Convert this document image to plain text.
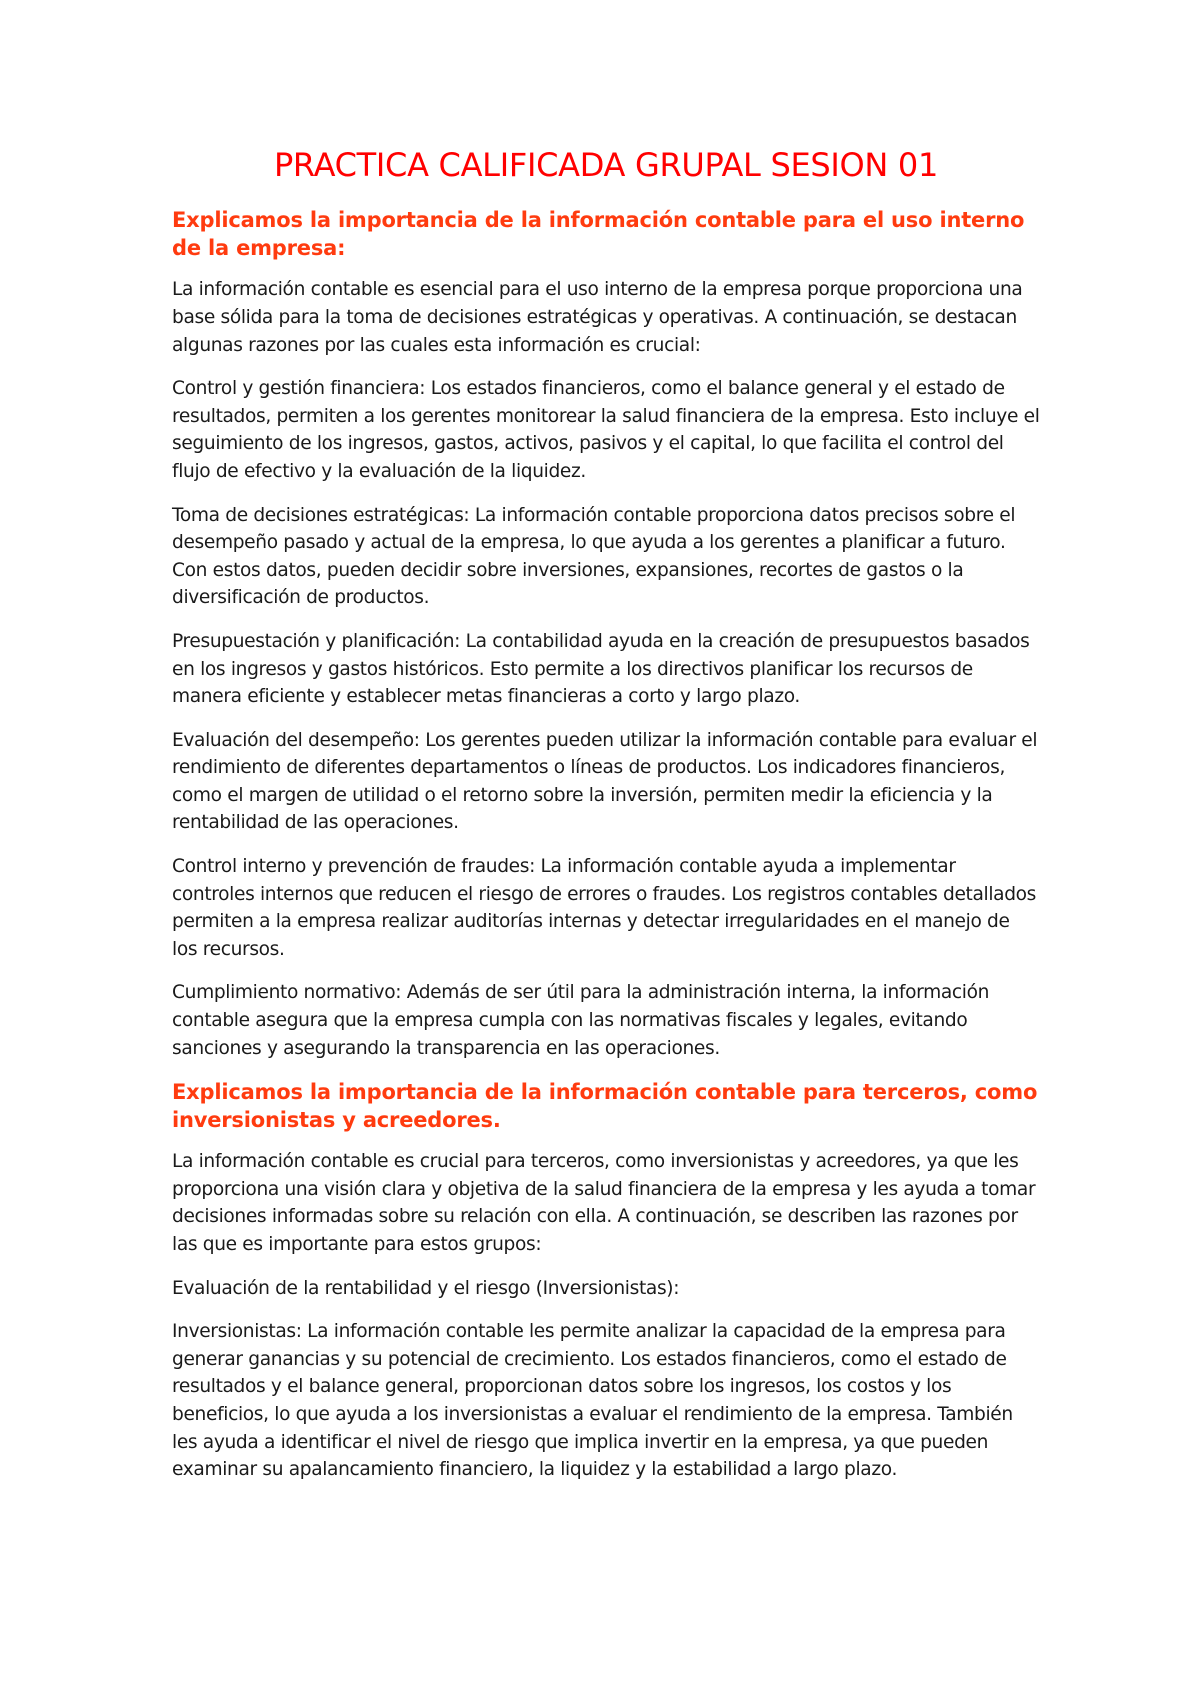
PRACTICA CALIFICADA GRUPAL SESION 01
Explicamos la importancia de la información contable para el uso interno de la empresa:

La información contable es esencial para el uso interno de la empresa porque proporciona una base sólida para la toma de decisiones estratégicas y operativas. A continuación, se destacan algunas razones por las cuales esta información es crucial:

Control y gestión financiera: Los estados financieros, como el balance general y el estado de resultados, permiten a los gerentes monitorear la salud financiera de la empresa. Esto incluye el seguimiento de los ingresos, gastos, activos, pasivos y el capital, lo que facilita el control del flujo de efectivo y la evaluación de la liquidez.

Toma de decisiones estratégicas: La información contable proporciona datos precisos sobre el desempeño pasado y actual de la empresa, lo que ayuda a los gerentes a planificar a futuro. Con estos datos, pueden decidir sobre inversiones, expansiones, recortes de gastos o la diversificación de productos.

Presupuestación y planificación: La contabilidad ayuda en la creación de presupuestos basados en los ingresos y gastos históricos. Esto permite a los directivos planificar los recursos de manera eficiente y establecer metas financieras a corto y largo plazo.

Evaluación del desempeño: Los gerentes pueden utilizar la información contable para evaluar el rendimiento de diferentes departamentos o líneas de productos. Los indicadores financieros, como el margen de utilidad o el retorno sobre la inversión, permiten medir la eficiencia y la rentabilidad de las operaciones.

Control interno y prevención de fraudes: La información contable ayuda a implementar controles internos que reducen el riesgo de errores o fraudes. Los registros contables detallados permiten a la empresa realizar auditorías internas y detectar irregularidades en el manejo de los recursos.

Cumplimiento normativo: Además de ser útil para la administración interna, la información contable asegura que la empresa cumpla con las normativas fiscales y legales, evitando sanciones y asegurando la transparencia en las operaciones.

Explicamos la importancia de la información contable para terceros, como inversionistas y acreedores.

La información contable es crucial para terceros, como inversionistas y acreedores, ya que les proporciona una visión clara y objetiva de la salud financiera de la empresa y les ayuda a tomar decisiones informadas sobre su relación con ella. A continuación, se describen las razones por las que es importante para estos grupos:

Evaluación de la rentabilidad y el riesgo (Inversionistas):

Inversionistas: La información contable les permite analizar la capacidad de la empresa para generar ganancias y su potencial de crecimiento. Los estados financieros, como el estado de resultados y el balance general, proporcionan datos sobre los ingresos, los costos y los beneficios, lo que ayuda a los inversionistas a evaluar el rendimiento de la empresa. También les ayuda a identificar el nivel de riesgo que implica invertir en la empresa, ya que pueden examinar su apalancamiento financiero, la liquidez y la estabilidad a largo plazo.
